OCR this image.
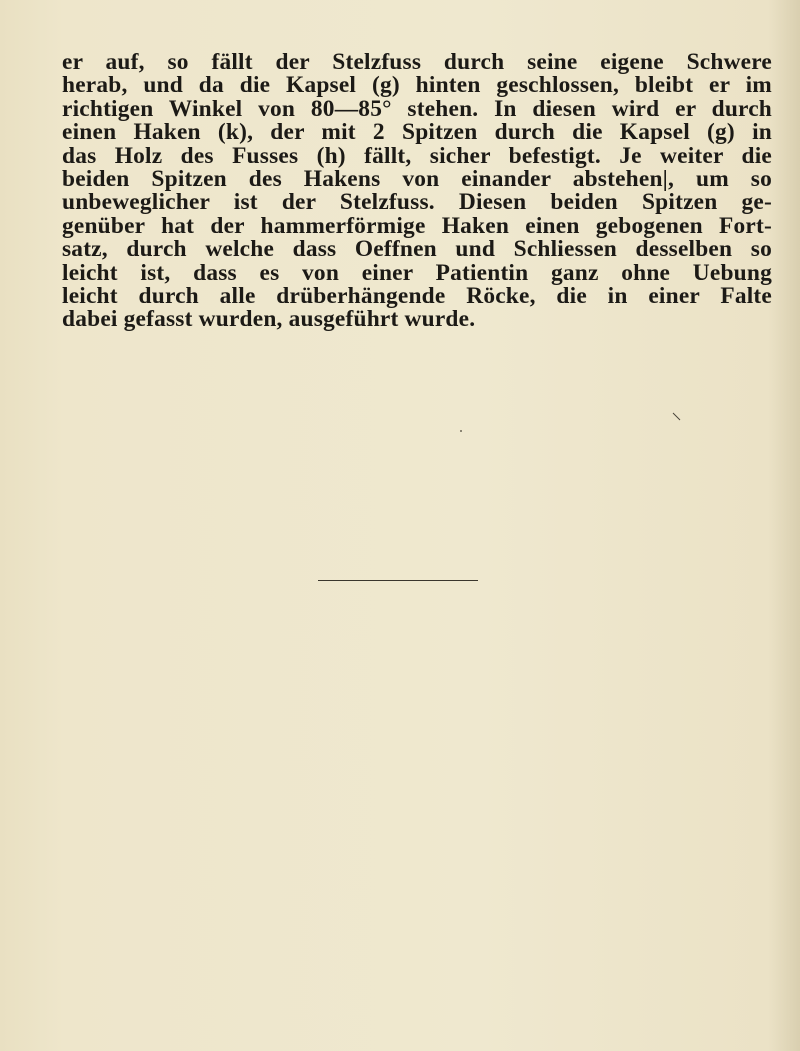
er auf, so fällt der Stelzfuss durch seine eigene Schwere
herab, und da die Kapsel (g) hinten geschlossen, bleibt er im
richtigen Winkel von 80—85° stehen. In diesen wird er durch
einen Haken (k), der mit 2 Spitzen durch die Kapsel (g) in
das Holz des Fusses (h) fällt, sicher befestigt. Je weiter die
beiden Spitzen des Hakens von einander abstehen|, um so
unbeweglicher ist der Stelzfuss. Diesen beiden Spitzen ge-
genüber hat der hammerförmige Haken einen gebogenen Fort-
satz, durch welche dass Oeffnen und Schliessen desselben so
leicht ist, dass es von einer Patientin ganz ohne Uebung
leicht durch alle drüberhängende Röcke, die in einer Falte
dabei gefasst wurden, ausgeführt wurde.
